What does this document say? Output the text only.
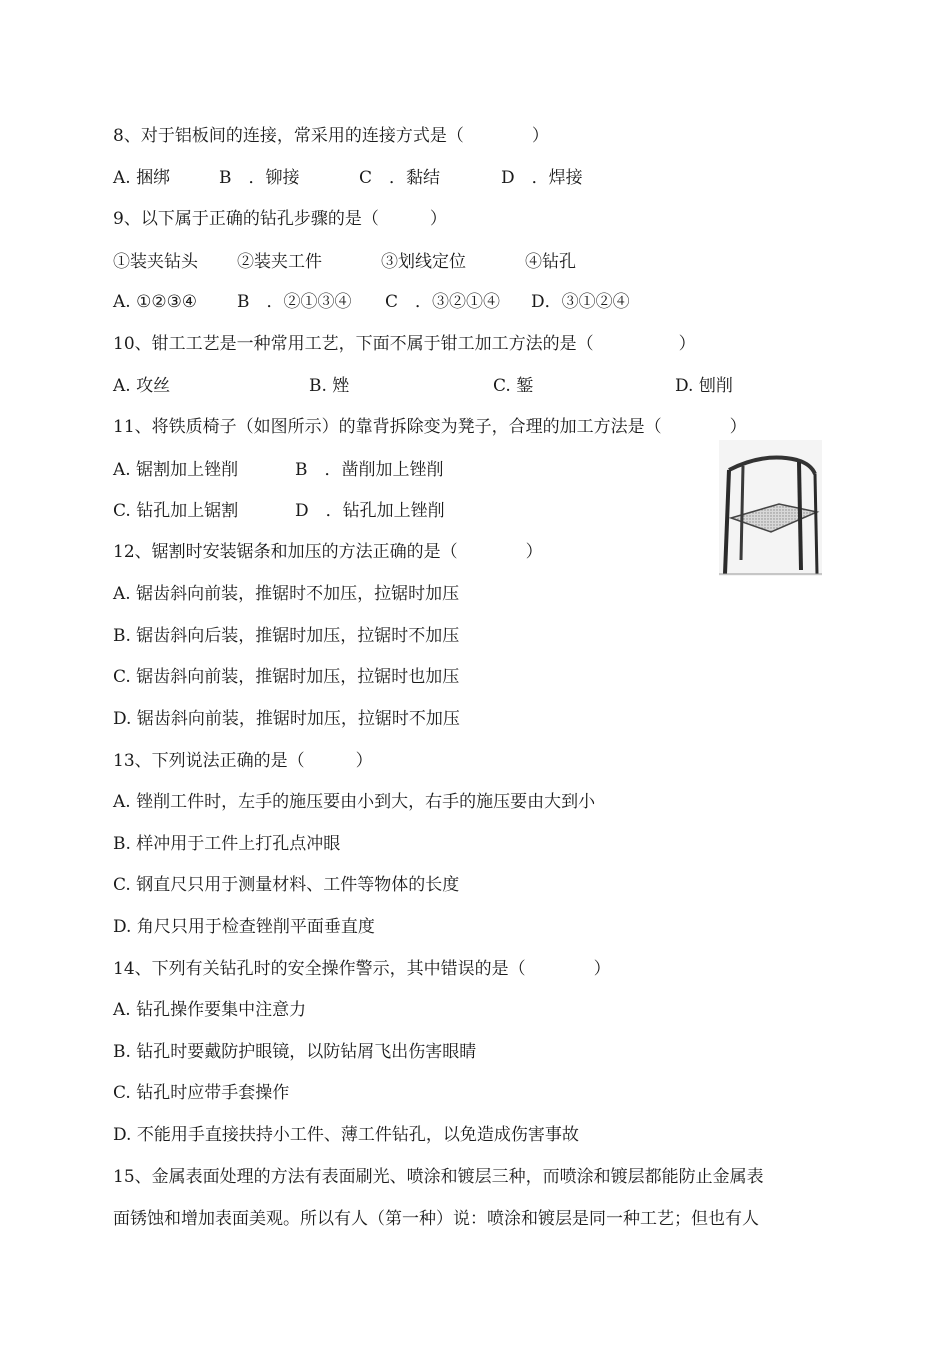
8、对于铝板间的连接，常采用的连接方式是（　　　　）
A. 捆绑	B　．铆接	C　．黏结	D　．焊接
9、以下属于正确的钻孔步骤的是（　　　）
①装夹钻头 ②装夹工件	③划线定位	④钻孔
A. ①②③④ B　．②①③④ C　．③②①④ D．③①②④
10、钳工工艺是一种常用工艺，下面不属于钳工加工方法的是（　　　　　）
A. 攻丝	B. 矬	C. 錾	D. 刨削
11、将铁质椅子（如图所示）的靠背拆除变为凳子，合理的加工方法是（　　　　）
A. 锯割加上锉削	B　．凿削加上锉削
C. 钻孔加上锯割	D　．钻孔加上锉削
12、锯割时安装锯条和加压的方法正确的是（　　　　）
A. 锯齿斜向前装，推锯时不加压，拉锯时加压
B. 锯齿斜向后装，推锯时加压，拉锯时不加压
C. 锯齿斜向前装，推锯时加压，拉锯时也加压
D. 锯齿斜向前装，推锯时加压，拉锯时不加压
13、下列说法正确的是（　　　）
A. 锉削工件时，左手的施压要由小到大，右手的施压要由大到小
B. 样冲用于工件上打孔点冲眼
C. 钢直尺只用于测量材料、工件等物体的长度
D. 角尺只用于检查锉削平面垂直度
14、下列有关钻孔时的安全操作警示，其中错误的是（　　　　）
A. 钻孔操作要集中注意力
B. 钻孔时要戴防护眼镜，以防钻屑飞出伤害眼睛
C. 钻孔时应带手套操作
D. 不能用手直接扶持小工件、薄工件钻孔，以免造成伤害事故
15、金属表面处理的方法有表面刷光、喷涂和镀层三种，而喷涂和镀层都能防止金属表
面锈蚀和增加表面美观。所以有人（第一种）说：喷涂和镀层是同一种工艺；但也有人
